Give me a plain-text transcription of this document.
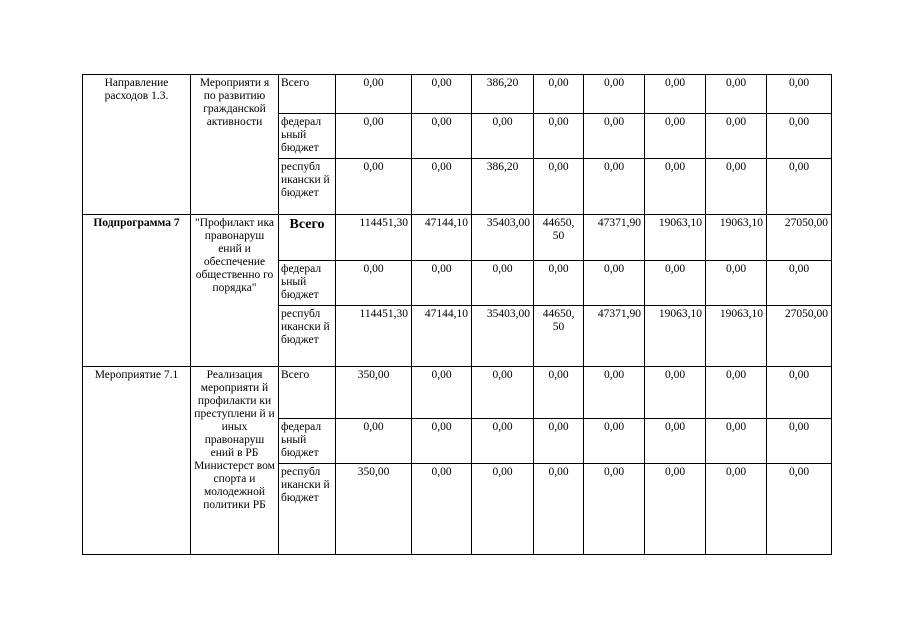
Направление расходов 1.3.	Мероприяти я по развитию гражданской активности	Всего	0,00	0,00	386,20	0,00	0,00	0,00	0,00	0,00
		федерал ьный бюджет	0,00	0,00	0,00	0,00	0,00	0,00	0,00	0,00
		республ икански й бюджет	0,00	0,00	386,20	0,00	0,00	0,00	0,00	0,00
Подпрограмма 7	"Профилакт ика правонаруш ений и обеспечение общественно го порядка"	Всего	114451,30	47144,10	35403,00	44650, 50	47371,90	19063,10	19063,10	27050,00
		федерал ьный бюджет	0,00	0,00	0,00	0,00	0,00	0,00	0,00	0,00
		республ икански й бюджет	114451,30	47144,10	35403,00	44650, 50	47371,90	19063,10	19063,10	27050,00
Мероприятие 7.1	Реализация мероприяти й профилакти ки преступлени й и иных правонаруш ений в РБ Министерст вом спорта и молодежной политики РБ	Всего	350,00	0,00	0,00	0,00	0,00	0,00	0,00	0,00
		федерал ьный бюджет	0,00	0,00	0,00	0,00	0,00	0,00	0,00	0,00
		республ икански й бюджет	350,00	0,00	0,00	0,00	0,00	0,00	0,00	0,00
